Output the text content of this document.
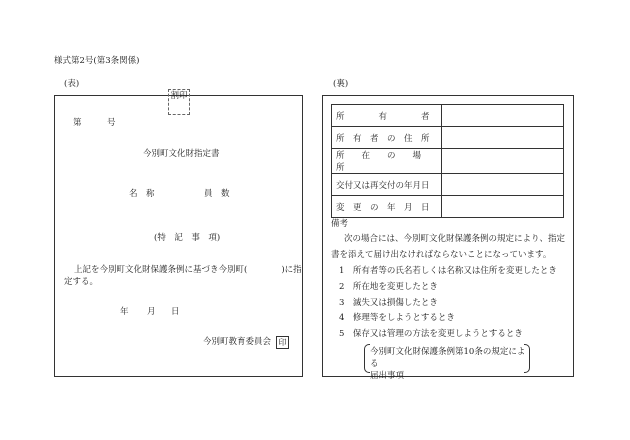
様式第2号(第3条関係)
(表)
割印
第	号
今別町文化財指定書
名　称	員　数
(特　記　事　項)
上記を今別町文化財保護条例に基づき今別町(　　　　)に指
定する。
年 月 日
今別町教育委員会 印
(裏)
所　　　　有　　　　者	

所　有　者　の　住　所	

所　　在　　の　　場　　所	

交付又は再交付の年月日	

変　更　の　年　月　日	

備考
次の場合には、今別町文化財保護条例の規定により、指定
書を添えて届け出なければならないことになっています。
1　所有者等の氏名若しくは名称又は住所を変更したとき
2　所在地を変更したとき
3　滅失又は損傷したとき
4　修理等をしようとするとき
5　保存又は管理の方法を変更しようとするとき
今別町文化財保護条例第10条の規定による
届出事項
